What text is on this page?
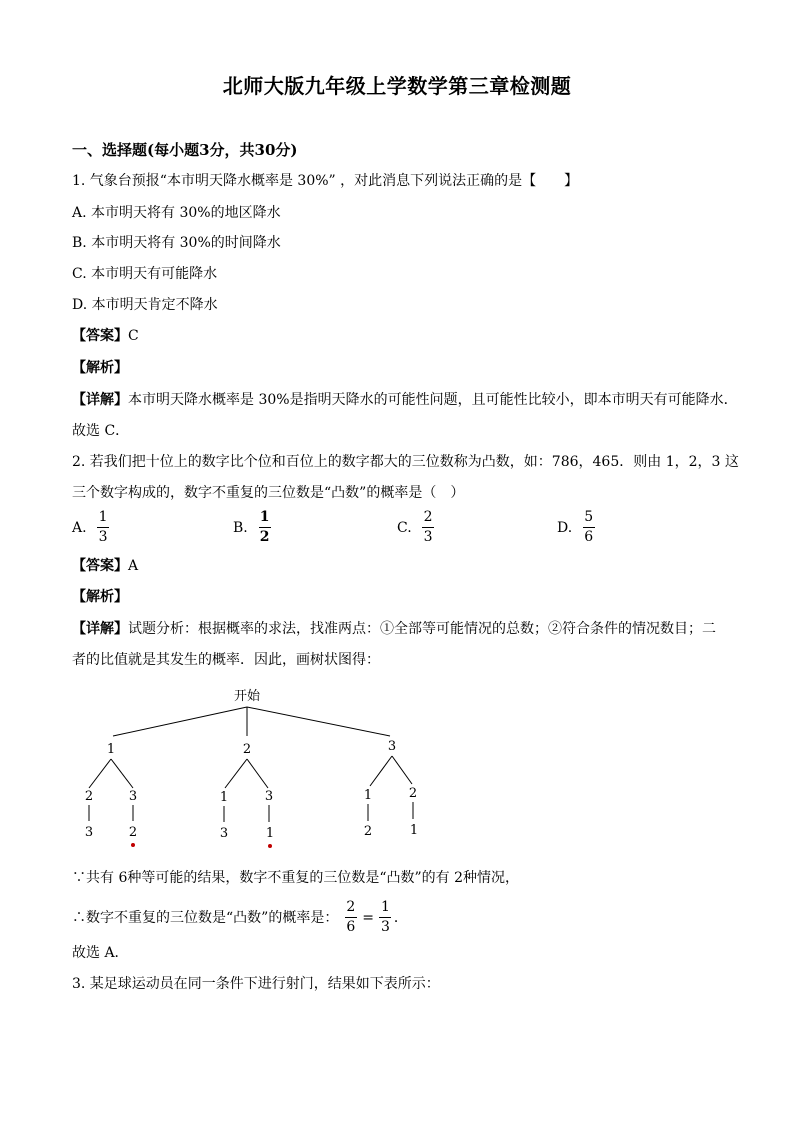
北师大版九年级上学数学第三章检测题
一、选择题(每小题3分，共30分)
1. 气象台预报“本市明天降水概率是 30%” ，对此消息下列说法正确的是【　　】
A. 本市明天将有 30%的地区降水
B. 本市明天将有 30%的时间降水
C. 本市明天有可能降水
D. 本市明天肯定不降水
【答案】C
【解析】
【详解】本市明天降水概率是 30%是指明天降水的可能性问题，且可能性比较小，即本市明天有可能降水．
故选 C．
2. 若我们把十位上的数字比个位和百位上的数字都大的三位数称为凸数，如：786，465．则由 1，2，3 这
三个数字构成的，数字不重复的三位数是“凸数”的概率是（　）
A. $\frac{1}{3}$	B. $\frac{1}{2}$	C. $\frac{2}{3}$	D. $\frac{5}{6}$
【答案】A
【解析】
【详解】试题分析：根据概率的求法，找准两点：①全部等可能情况的总数；②符合条件的情况数目；二
者的比值就是其发生的概率．因此，画树状图得：
开始
1	2	3
2	3	1	3	1	2
3	2	3	1	2	1
∵共有 6种等可能的结果，数字不重复的三位数是“凸数”的有 2种情况，
∴数字不重复的三位数是“凸数”的概率是： $\frac{2}{6} = \frac{1}{3}$ ．
故选 A．
3. 某足球运动员在同一条件下进行射门，结果如下表所示：
